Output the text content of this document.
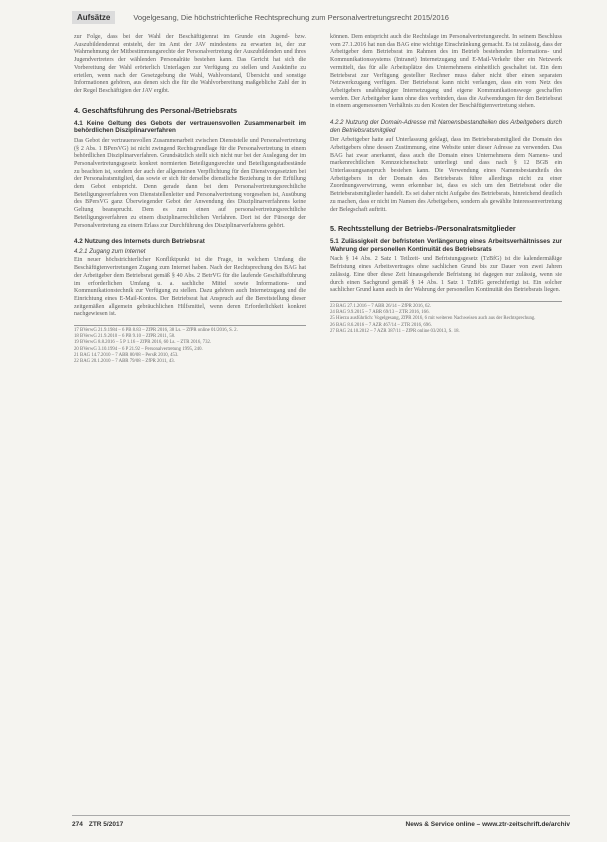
Aufsätze	Vogelgesang, Die höchstrichterliche Rechtsprechung zum Personalvertretungsrecht 2015/2016

zur Folge, dass bei der Wahl der Beschäftigtenrat im Grunde ein Jugend- bzw. Auszubildendenrat entsteht, der im Amt der JAV mindestens zu erwarten ist, der zur Wahrnehmung der Mitbestimmungsrechte der Personalvertretung der Auszubildenden und ihres Jugendvertreters der wählenden Personalräte bestehen kann. Das Gericht hat sich die Vorbereitung der Wahl erörterlich Unterlagen zur Verfügung zu stellen und Auskünfte zu erteilen, wenn nach der Gesetzgebung die Wahl, Wahlvorstand, Übersicht und sonstige Informationen gehören, aus denen sich die für die Wahlvorbereitung maßgebliche Zahl der in der Regel Beschäftigten der JAV ergibt.

4. Geschäftsführung des Personal-/Betriebsrats

4.1 Keine Geltung des Gebots der vertrauensvollen Zusammenarbeit im behördlichen Disziplinarverfahren

Das Gebot der vertrauensvollen Zusammenarbeit zwischen Dienststelle und Personalvertretung (§ 2 Abs. 1 BPersVG) ist nicht zwingend Rechtsgrundlage für die Personalvertretung in einem behördlichen Disziplinarverfahren. Grundsätzlich stellt sich nicht nur bei der Auslegung der im Personalvertretungsgesetz konkret normierten Beteiligungsrechte und Beteiligungstatbestände zu beachten ist, sondern der auch der allgemeinen Verpflichtung für den Dienstvorgesetzten bei der Personalratsmitglied, das sowie er sich für derselbe dienstliche Beziehung in der Erfüllung dem Gebot entspricht. Denn gerade dann bei dem Personalvertretungsrechtliche Beteiligungsverfahren von Dienststellenleiter und Personalvertretung vorgesehen ist, Ausübung des BPersVG ganz Überwiegender Gebot der Anwendung des Disziplinarverfahrens keine Geltung beansprucht. Dem es zum einen auf personalvertretungsrechtliche Beteiligungsverfahren zu einem disziplinarrechtlichen Verfahren. Dort ist der Fürsorge der Personalvertretung zu einem Erlass zur Durchführung des Disziplinarverfahrens gehört.

4.2 Nutzung des Internets durch Betriebsrat

4.2.1 Zugang zum Internet

Ein neuer höchstrichterlicher Konfliktpunkt ist die Frage, in welchem Umfang die Beschäftigtenvertretungen Zugang zum Internet haben. Nach der Rechtsprechung des BAG hat der Arbeitgeber dem Betriebsrat gemäß § 40 Abs. 2 BetrVG für die laufende Geschäftsführung im erforderlichen Umfang u. a. sachliche Mittel sowie Informations- und Kommunikationstechnik zur Verfügung zu stellen. Dazu gehören auch Internetzugang und die Einrichtung eines E-Mail-Kontos. Der Betriebsrat hat Anspruch auf die Bereitstellung dieser zeitgemäßen allgemein gebräuchlichen Hilfsmittel, wenn deren Erforderlichkeit konkret nachgewiesen ist.

17 BVerwG 21.9.1984 – 6 PB 8.83 – ZfPR 2016, 38 Ls. – ZfPR online 01/2016, S. 2.

18 BVerwG 21.9.2010 – 6 PB 9.10 – ZfPR 2011, 58.

19 BVerwG 8.8.2016 – 5 P 1.16 – ZfPR 2016, 60 Ls. – ZTR 2016, 732.

20 BVerwG 3.10.1994 – 6 P 21.92 – Personalvertretung 1995, 240.

21 BAG 14.7.2010 – 7 ABR 80/08 – PersR 2010, 453.

22 BAG 20.1.2010 – 7 ABR 79/08 – ZfPR 2011, 43.

können. Dem entspricht auch die Rechtslage im Personalvertretungsrecht. In seinem Beschluss vom 27.1.2016 hat nun das BAG eine wichtige Einschränkung gemacht. Es ist zulässig, dass der Arbeitgeber dem Betriebsrat im Rahmen des im Betrieb bestehenden Informations- und Kommunikationssystems (Intranet) Internetzugang und E-Mail-Verkehr über ein Netzwerk vermittelt, das für alle Arbeitsplätze des Unternehmens einheitlich geschaltet ist. Ein dem Betriebsrat zur Verfügung gestellter Rechner muss daher nicht über einen separaten Netzwerkzugang verfügen. Der Betriebsrat kann nicht verlangen, dass ein vom Netz des Arbeitgebers unabhängiger Internetzugang und eigene Kommunikationswege geschaffen werden. Der Arbeitgeber kann ohne dies verbinden, dass die Aufwendungen für den Betriebsrat in einem angemessenen Verhältnis zu den Kosten der Beschäftigtenvertretung stehen.

4.2.2 Nutzung der Domain-Adresse mit Namensbestandteilen des Arbeitgebers durch den Betriebsratsmitglied

Der Arbeitgeber hatte auf Unterlassung geklagt, dass im Betriebsratsmitglied die Domain des Arbeitgebers ohne dessen Zustimmung, eine Website unter dieser Adresse zu verwenden. Das BAG hat zwar anerkannt, dass auch die Domain eines Unternehmens dem Namens- und markenrechtlichen Kennzeichenschutz unterliegt und dass nach § 12 BGB ein Unterlassungsanspruch bestehen kann. Die Verwendung eines Namensbestandteils des Arbeitgebers in der Domain des Betriebsrats führe allerdings nicht zu einer Zuordnungsverwirrung, wenn erkennbar ist, dass es sich um den Betriebsrat oder die Betriebsratsmitglieder handelt. Es sei daher nicht Aufgabe des Betriebsrats, hinreichend deutlich zu machen, dass er nicht im Namen des Arbeitgebers, sondern als gewählte Interessenvertretung der Belegschaft auftritt.

5. Rechtsstellung der Betriebs-/Personalratsmitglieder

5.1 Zulässigkeit der befristeten Verlängerung eines Arbeitsverhältnisses zur Wahrung der personellen Kontinuität des Betriebsrats

Nach § 14 Abs. 2 Satz 1 Teilzeit- und Befristungsgesetz (TzBfG) ist die kalendermäßige Befristung eines Arbeitsvertrages ohne sachlichen Grund bis zur Dauer von zwei Jahren zulässig. Eine über diese Zeit hinausgehende Befristung ist dagegen nur zulässig, wenn sie durch einen Sachgrund gemäß § 14 Abs. 1 Satz 1 TzBfG gerechtfertigt ist. Ein solcher sachlicher Grund kann auch in der Wahrung der personellen Kontinuität des Betriebsrats liegen.

23 BAG 27.1.2016 – 7 ABR 26/14 – ZfPR 2016, 62.

24 BAG 9.9.2015 – 7 ABR 69/13 – ZTR 2016, 166.

25 Hierzu ausführlich: Vogelgesang, ZfPR 2016, 6 mit weiteren Nachweisen auch aus der Rechtsprechung.

26 BAG 8.6.2016 – 7 AZR 467/14 – ZTR 2016, 696.

27 BAG 24.10.2012 – 7 AZR 387/11 – ZfPR online 03/2013, S. 18.

274 ZTR 5/2017	News & Service online – www.ztr-zeitschrift.de/archiv
